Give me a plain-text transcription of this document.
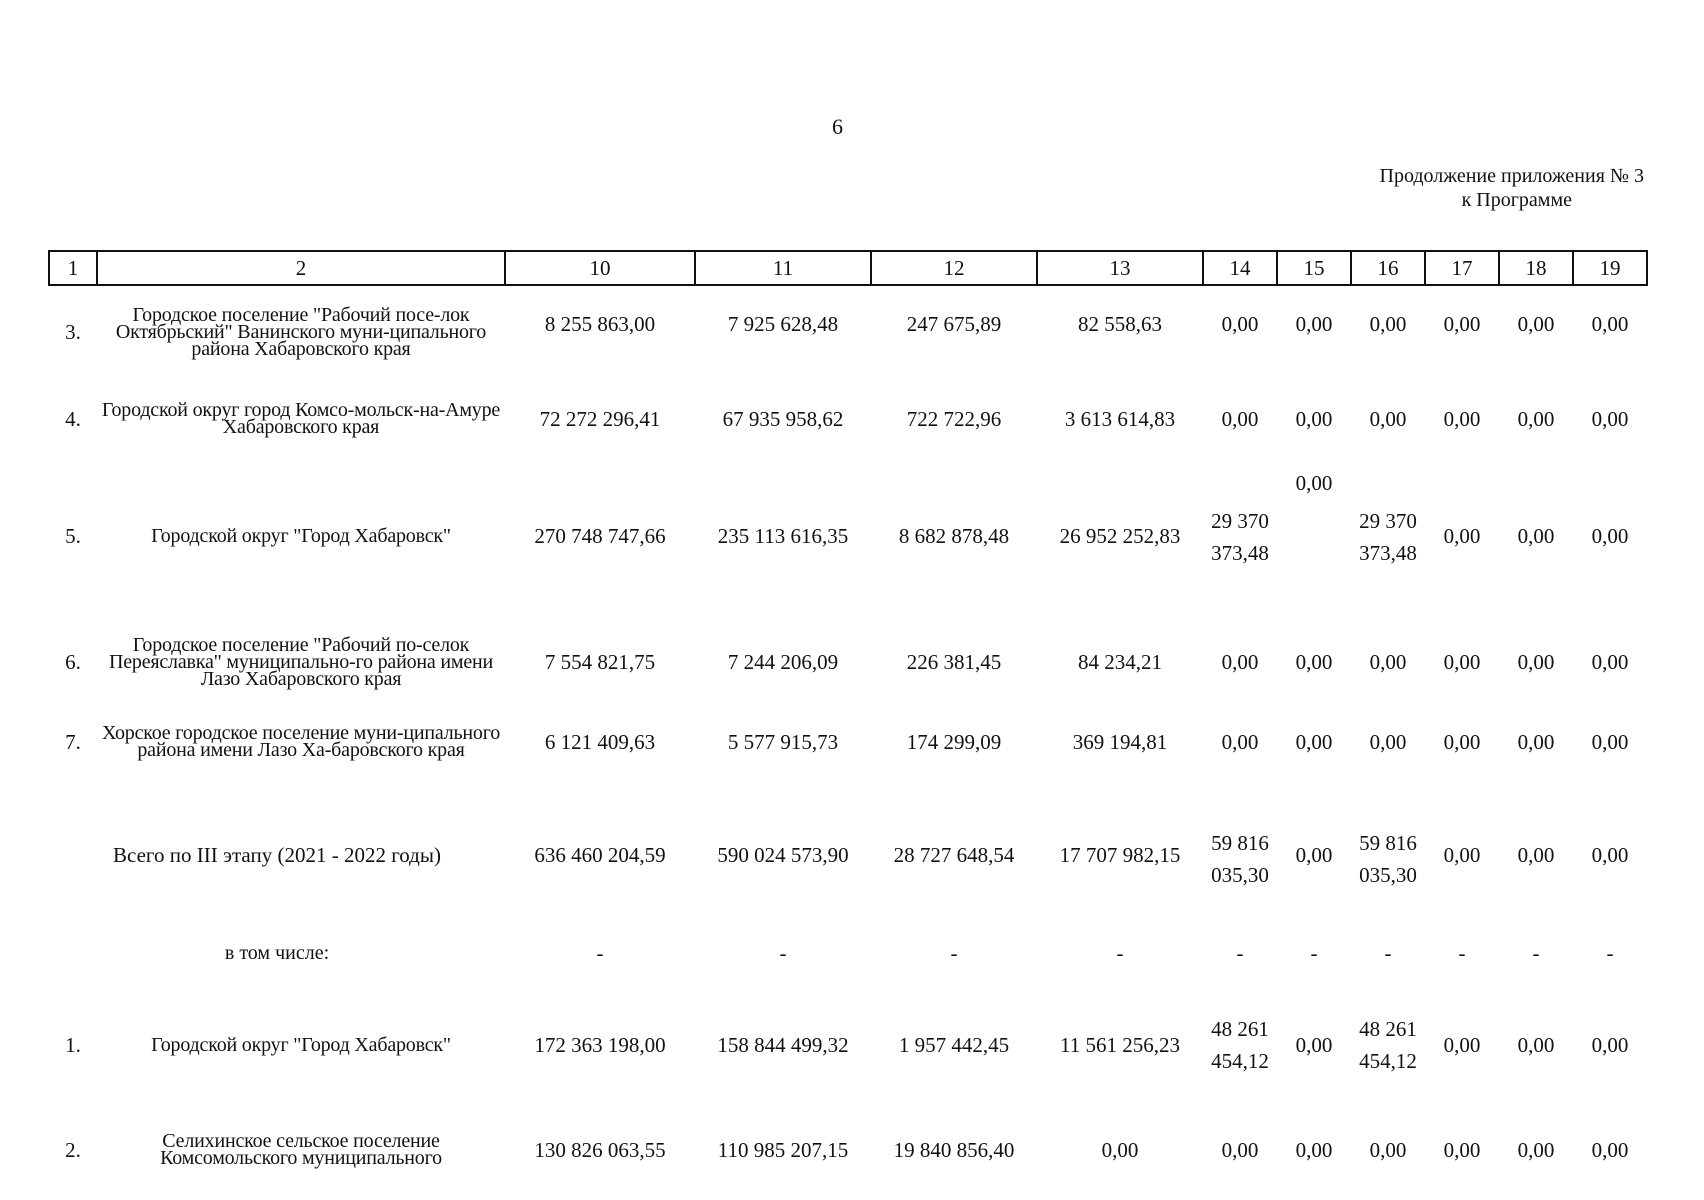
6
Продолжение приложения № 3
к Программе
1	2	10	11	12	13	14	15	16	17	18	19
3.	Городское поселение "Рабочий посе-лок Октябрьский" Ванинского муни-ципального района Хабаровского края	8 255 863,00	7 925 628,48	247 675,89	82 558,63	0,00	0,00	0,00	0,00	0,00	0,00
4.	Городской округ город Комсо-мольск-на-Амуре Хабаровского края	72 272 296,41	67 935 958,62	722 722,96	3 613 614,83	0,00	0,00	0,00	0,00	0,00	0,00
5.	Городской округ "Город Хабаровск"	270 748 747,66	235 113 616,35	8 682 878,48	26 952 252,83	29 370 373,48	0,00	29 370 373,48	0,00	0,00	0,00
6.	Городское поселение "Рабочий по-селок Переяславка" муниципально-го района имени Лазо Хабаровского края	7 554 821,75	7 244 206,09	226 381,45	84 234,21	0,00	0,00	0,00	0,00	0,00	0,00
7.	Хорское городское поселение муни-ципального района имени Лазо Ха-баровского края	6 121 409,63	5 577 915,73	174 299,09	369 194,81	0,00	0,00	0,00	0,00	0,00	0,00
Всего по III этапу (2021 - 2022 годы)		636 460 204,59	590 024 573,90	28 727 648,54	17 707 982,15	59 816 035,30	0,00	59 816 035,30	0,00	0,00	0,00
в том числе:		-	-	-	-	-	-	-	-	-	-
1.	Городской округ "Город Хабаровск"	172 363 198,00	158 844 499,32	1 957 442,45	11 561 256,23	48 261 454,12	0,00	48 261 454,12	0,00	0,00	0,00
2.	Селихинское сельское поселение Комсомольского муниципального	130 826 063,55	110 985 207,15	19 840 856,40	0,00	0,00	0,00	0,00	0,00	0,00	0,00
